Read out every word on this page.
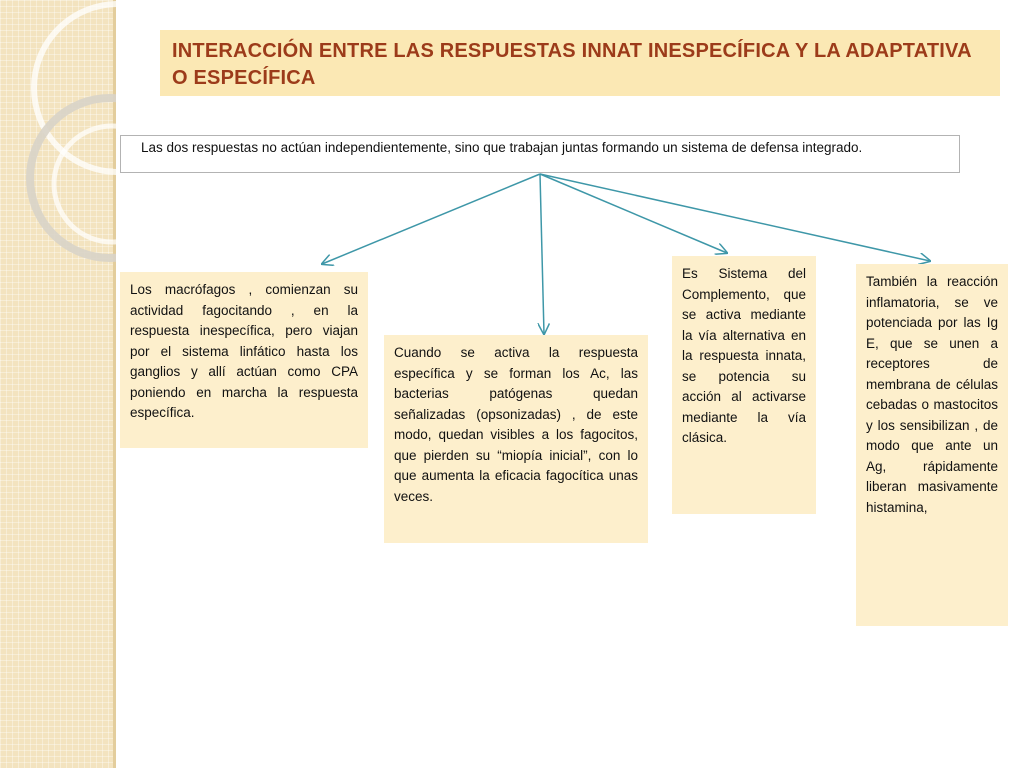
INTERACCIÓN ENTRE LAS RESPUESTAS INNAT INESPECÍFICA Y LA ADAPTATIVA O ESPECÍFICA

Las dos respuestas no actúan independientemente, sino que trabajan juntas formando un sistema de defensa integrado.

Los macrófagos , comienzan su actividad fagocitando , en la respuesta inespecífica, pero viajan por el sistema linfático hasta los ganglios y allí actúan como CPA poniendo en marcha la respuesta específica.

Cuando se activa la respuesta específica y se forman los Ac, las bacterias patógenas quedan señalizadas (opsonizadas) , de este modo, quedan visibles a los fagocitos, que pierden su “miopía inicial”, con lo que aumenta la eficacia fagocítica unas veces.

Es Sistema del Complemento, que se activa mediante la vía alternativa en la respuesta innata, se potencia su acción al activarse mediante la vía clásica.

También la reacción inflamatoria, se ve potenciada por las Ig E, que se unen a receptores de membrana de células cebadas o mastocitos y los sensibilizan , de modo que ante un Ag, rápidamente liberan masivamente histamina,
